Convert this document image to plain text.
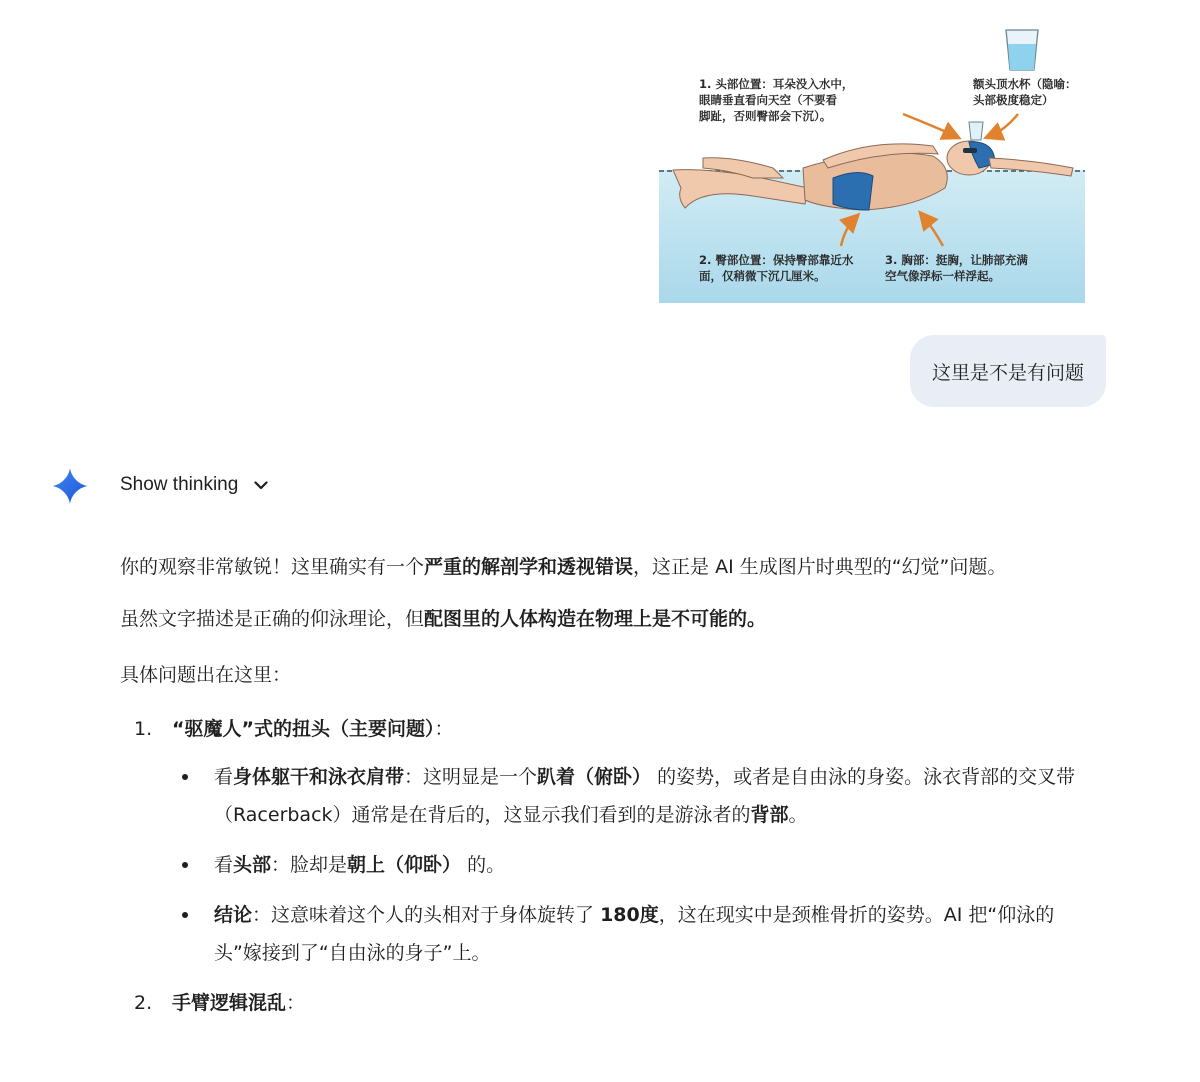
1. 头部位置：耳朵没入水中，
眼睛垂直看向天空（不要看
脚趾，否则臀部会下沉）。
额头顶水杯（隐喻：
头部极度稳定）
2. 臀部位置：保持臀部靠近水
面，仅稍微下沉几厘米。
3. 胸部：挺胸，让肺部充满
空气像浮标一样浮起。
这里是不是有问题
Show thinking

你的观察非常敏锐！这里确实有一个严重的解剖学和透视错误，这正是 AI 生成图片时典型的“幻觉”问题。

虽然文字描述是正确的仰泳理论，但配图里的人体构造在物理上是不可能的。

具体问题出在这里：

1. “驱魔人”式的扭头（主要问题）：
看身体躯干和泳衣肩带：这明显是一个趴着（俯卧） 的姿势，或者是自由泳的身姿。泳衣背部的交叉带（Racerback）通常是在背后的，这显示我们看到的是游泳者的背部。
看头部：脸却是朝上（仰卧） 的。
结论：这意味着这个人的头相对于身体旋转了 180度，这在现实中是颈椎骨折的姿势。AI 把“仰泳的头”嫁接到了“自由泳的身子”上。
2. 手臂逻辑混乱：
